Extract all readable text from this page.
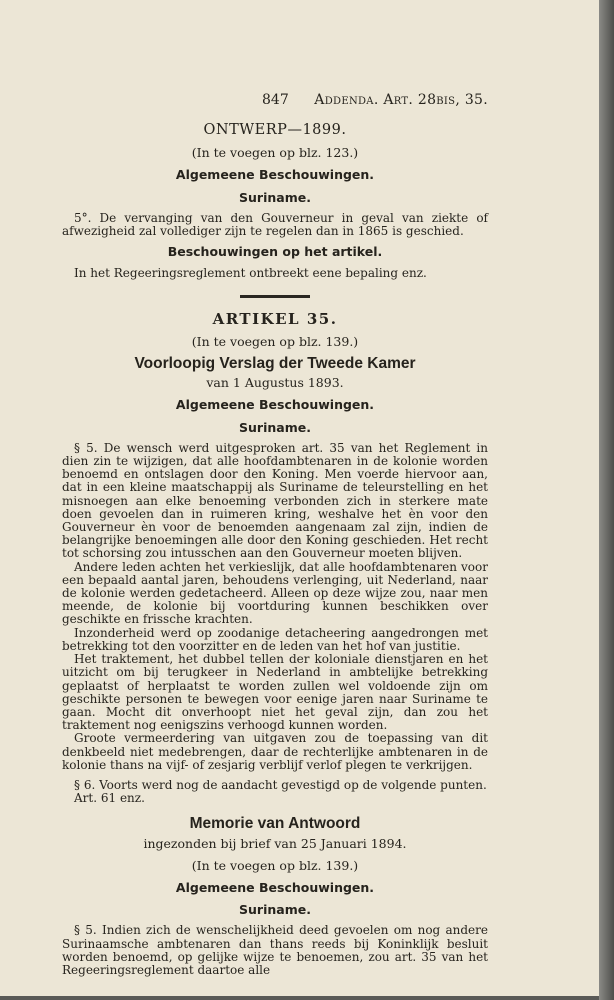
847 Addenda. Art. 28bis, 35.
ONTWERP—1899.
(In te voegen op blz. 123.)
Algemeene Beschouwingen.
Suriname.

5°. De vervanging van den Gouverneur in geval van ziekte of afwezigheid zal vollediger zijn te regelen dan in 1865 is geschied.

Beschouwingen op het artikel.

In het Regeeringsreglement ontbreekt eene bepaling enz.

ARTIKEL 35.
(In te voegen op blz. 139.)
Voorloopig Verslag der Tweede Kamer
van 1 Augustus 1893.
Algemeene Beschouwingen.
Suriname.

§ 5. De wensch werd uitgesproken art. 35 van het Reglement in dien zin te wijzigen, dat alle hoofdambtenaren in de kolonie worden benoemd en ontslagen door den Koning. Men voerde hiervoor aan, dat in een kleine maatschappij als Suriname de teleurstelling en het misnoegen aan elke benoeming verbonden zich in sterkere mate doen gevoelen dan in ruimeren kring, weshalve het èn voor den Gouverneur èn voor de benoemden aangenaam zal zijn, indien de belangrijke benoemingen alle door den Koning geschieden. Het recht tot schorsing zou intusschen aan den Gouverneur moeten blijven.

Andere leden achten het verkieslijk, dat alle hoofdambtenaren voor een bepaald aantal jaren, behoudens verlenging, uit Nederland, naar de kolonie werden gedetacheerd. Alleen op deze wijze zou, naar men meende, de kolonie bij voortduring kunnen beschikken over geschikte en frissche krachten.

Inzonderheid werd op zoodanige detacheering aangedrongen met betrekking tot den voorzitter en de leden van het hof van justitie.

Het traktement, het dubbel tellen der koloniale dienstjaren en het uitzicht om bij terugkeer in Nederland in ambtelijke betrekking geplaatst of herplaatst te worden zullen wel voldoende zijn om geschikte personen te bewegen voor eenige jaren naar Suriname te gaan. Mocht dit onverhoopt niet het geval zijn, dan zou het traktement nog eenigszins verhoogd kunnen worden.

Groote vermeerdering van uitgaven zou de toepassing van dit denkbeeld niet medebrengen, daar de rechterlijke ambtenaren in de kolonie thans na vijf- of zesjarig verblijf verlof plegen te verkrijgen.

§ 6. Voorts werd nog de aandacht gevestigd op de volgende punten.

Art. 61 enz.

Memorie van Antwoord
ingezonden bij brief van 25 Januari 1894.
(In te voegen op blz. 139.)
Algemeene Beschouwingen.
Suriname.

§ 5. Indien zich de wenschelijkheid deed gevoelen om nog andere Surinaamsche ambtenaren dan thans reeds bij Koninklijk besluit worden benoemd, op gelijke wijze te benoemen, zou art. 35 van het Regeeringsreglement daartoe alle
